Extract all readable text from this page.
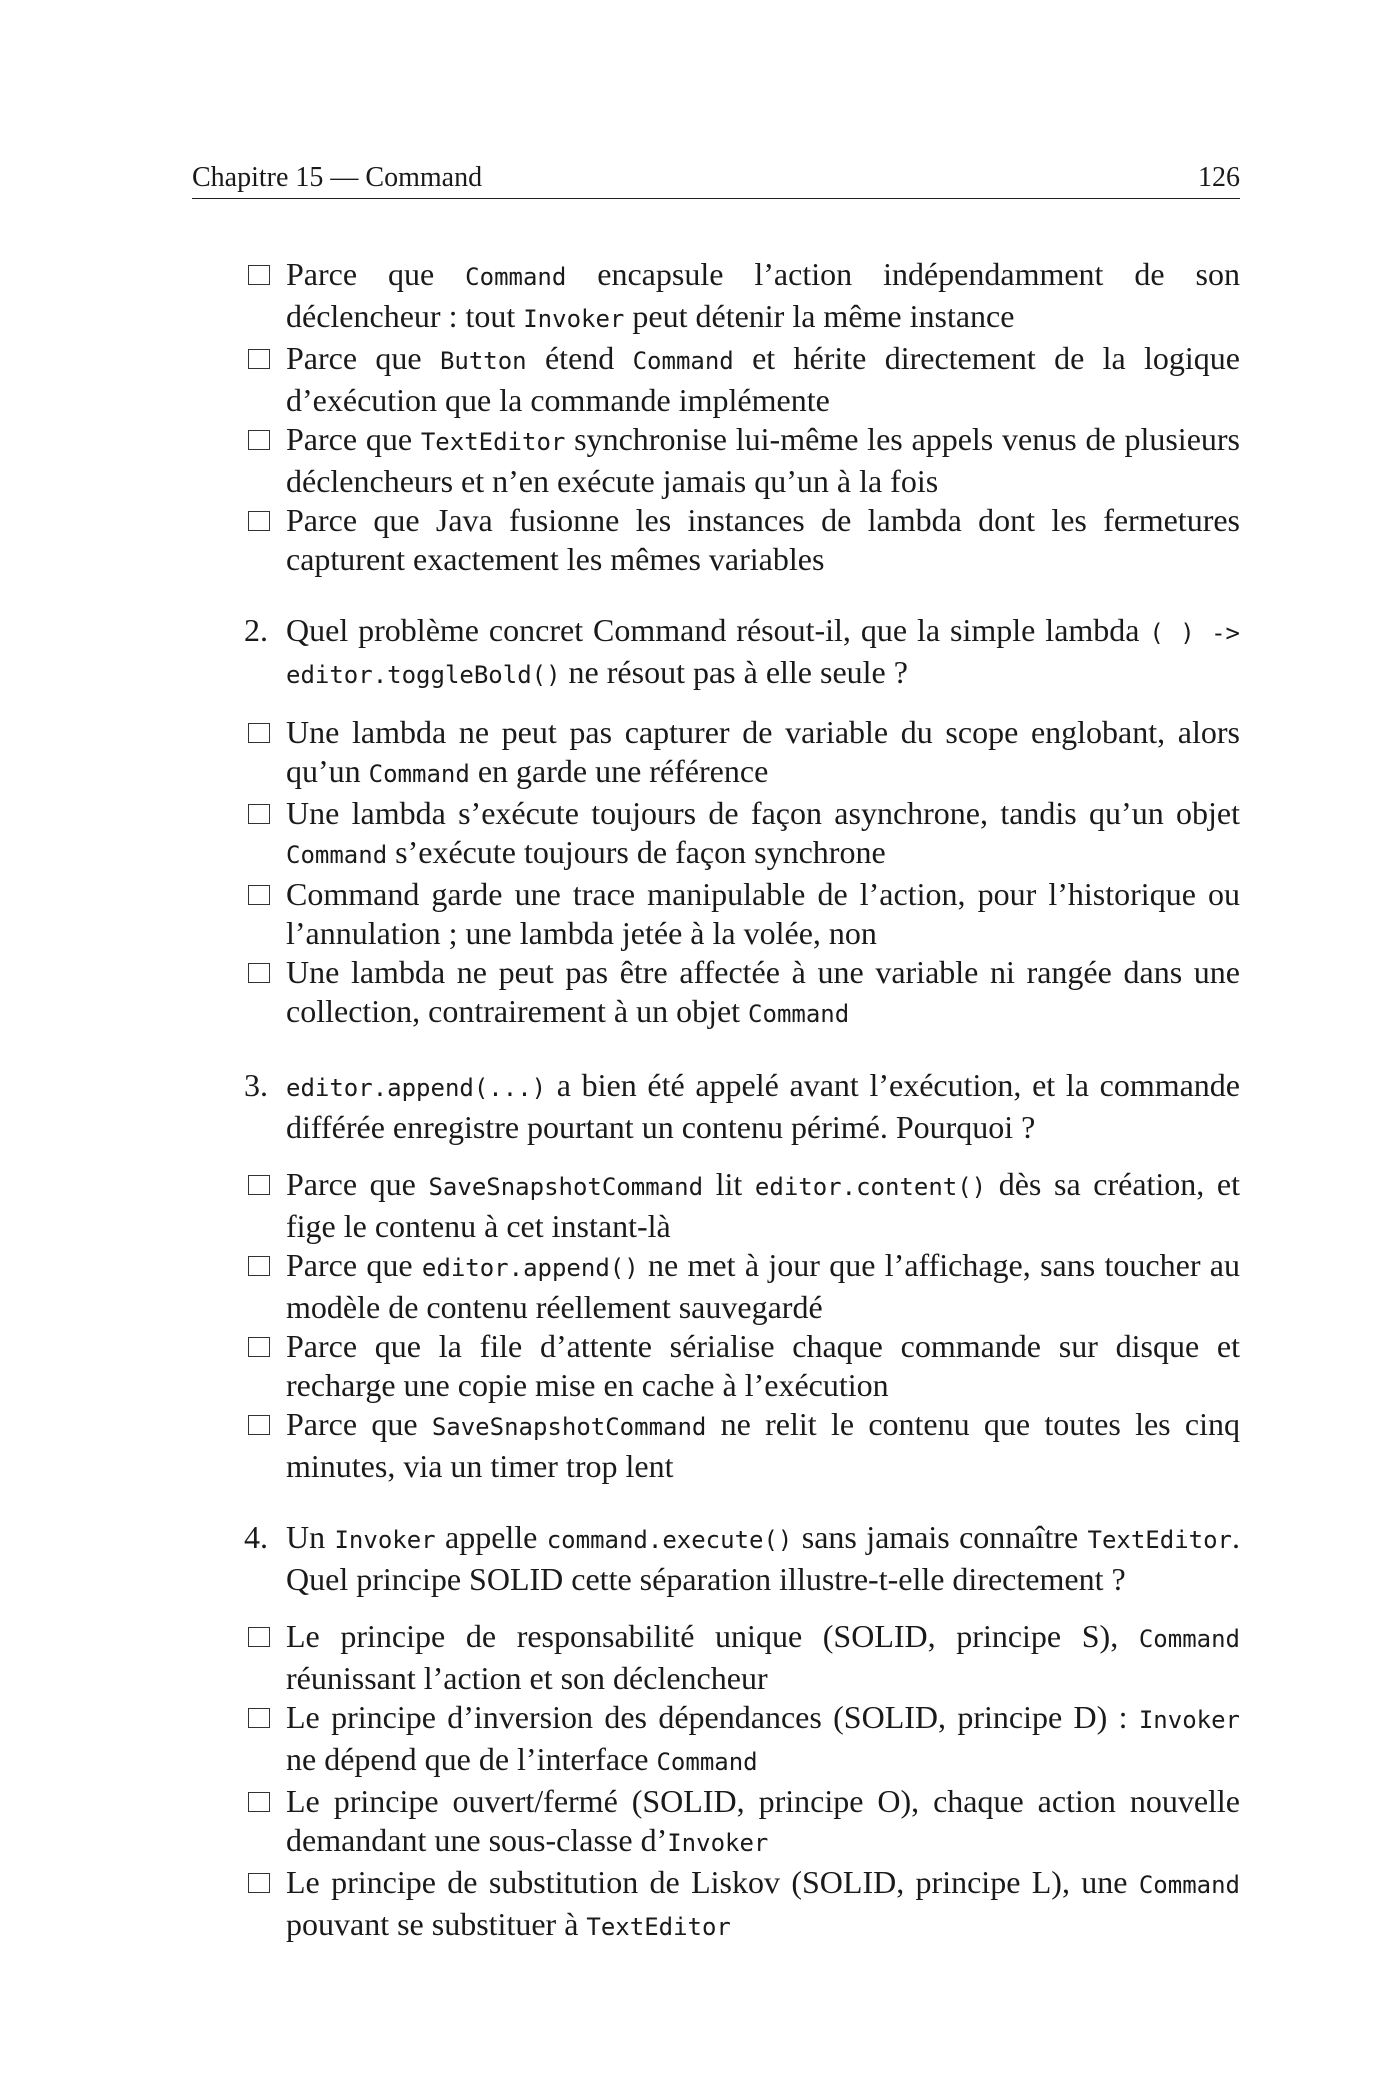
Chapitre 15 — Command	126
Parce que Command encapsule l’action indépendamment de son déclencheur : tout Invoker peut détenir la même instance
Parce que Button étend Command et hérite directement de la logique d’exécution que la commande implémente
Parce que TextEditor synchronise lui-même les appels venus de plusieurs déclencheurs et n’en exécute jamais qu’un à la fois
Parce que Java fusionne les instances de lambda dont les fermetures capturent exactement les mêmes variables
2. Quel problème concret Command résout-il, que la simple lambda ( ) -> editor.toggleBold() ne résout pas à elle seule ?
Une lambda ne peut pas capturer de variable du scope englobant, alors qu’un Command en garde une référence
Une lambda s’exécute toujours de façon asynchrone, tandis qu’un objet Command s’exécute toujours de façon synchrone
Command garde une trace manipulable de l’action, pour l’historique ou l’annulation ; une lambda jetée à la volée, non
Une lambda ne peut pas être affectée à une variable ni rangée dans une collection, contrairement à un objet Command
3. editor.append(...) a bien été appelé avant l’exécution, et la commande différée enregistre pourtant un contenu périmé. Pourquoi ?
Parce que SaveSnapshotCommand lit editor.content() dès sa création, et fige le contenu à cet instant-là
Parce que editor.append() ne met à jour que l’affichage, sans toucher au modèle de contenu réellement sauvegardé
Parce que la file d’attente sérialise chaque commande sur disque et recharge une copie mise en cache à l’exécution
Parce que SaveSnapshotCommand ne relit le contenu que toutes les cinq minutes, via un timer trop lent
4. Un Invoker appelle command.execute() sans jamais connaître TextEditor. Quel principe SOLID cette séparation illustre-t-elle directement ?
Le principe de responsabilité unique (SOLID, principe S), Command réunissant l’action et son déclencheur
Le principe d’inversion des dépendances (SOLID, principe D) : Invoker ne dépend que de l’interface Command
Le principe ouvert/fermé (SOLID, principe O), chaque action nouvelle demandant une sous-classe d’Invoker
Le principe de substitution de Liskov (SOLID, principe L), une Command pouvant se substituer à TextEditor
